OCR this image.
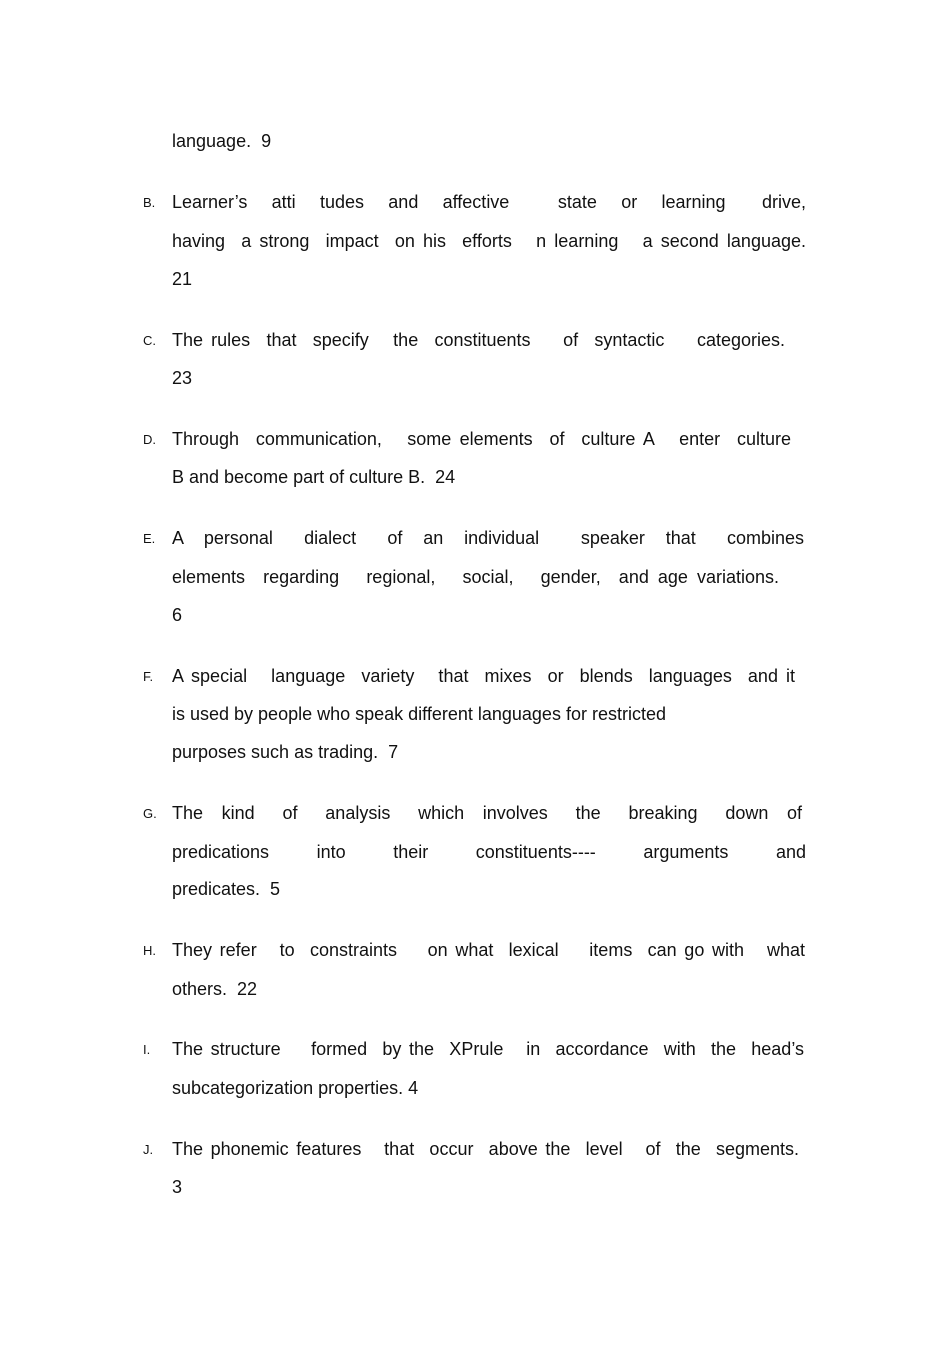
language.  9
B. Learner’s  atti  tudes  and  affective    state  or  learning   drive,
having  a strong  impact  on his  efforts   n learning   a second language.
21
C. The rules  that  specify   the  constituents    of  syntactic    categories.
23
D. Through  communication,   some elements  of  culture A   enter  culture
B and become part of culture B.  24
E. A  personal   dialect   of  an  individual    speaker  that   combines
elements  regarding   regional,   social,   gender,  and age variations.
6
F. A special   language  variety   that  mixes  or  blends  languages  and it
is used by people who speak different languages for restricted
purposes such as trading.  7
G. The  kind   of   analysis   which  involves   the   breaking   down  of
predications   into   their   constituents----   arguments   and
predicates.  5
H. They refer   to  constraints    on what  lexical    items  can go with   what
others.  22
I. The structure    formed  by the  XPrule   in  accordance  with  the  head’s
subcategorization properties. 4
J. The phonemic features   that  occur  above the  level   of  the  segments.
3
